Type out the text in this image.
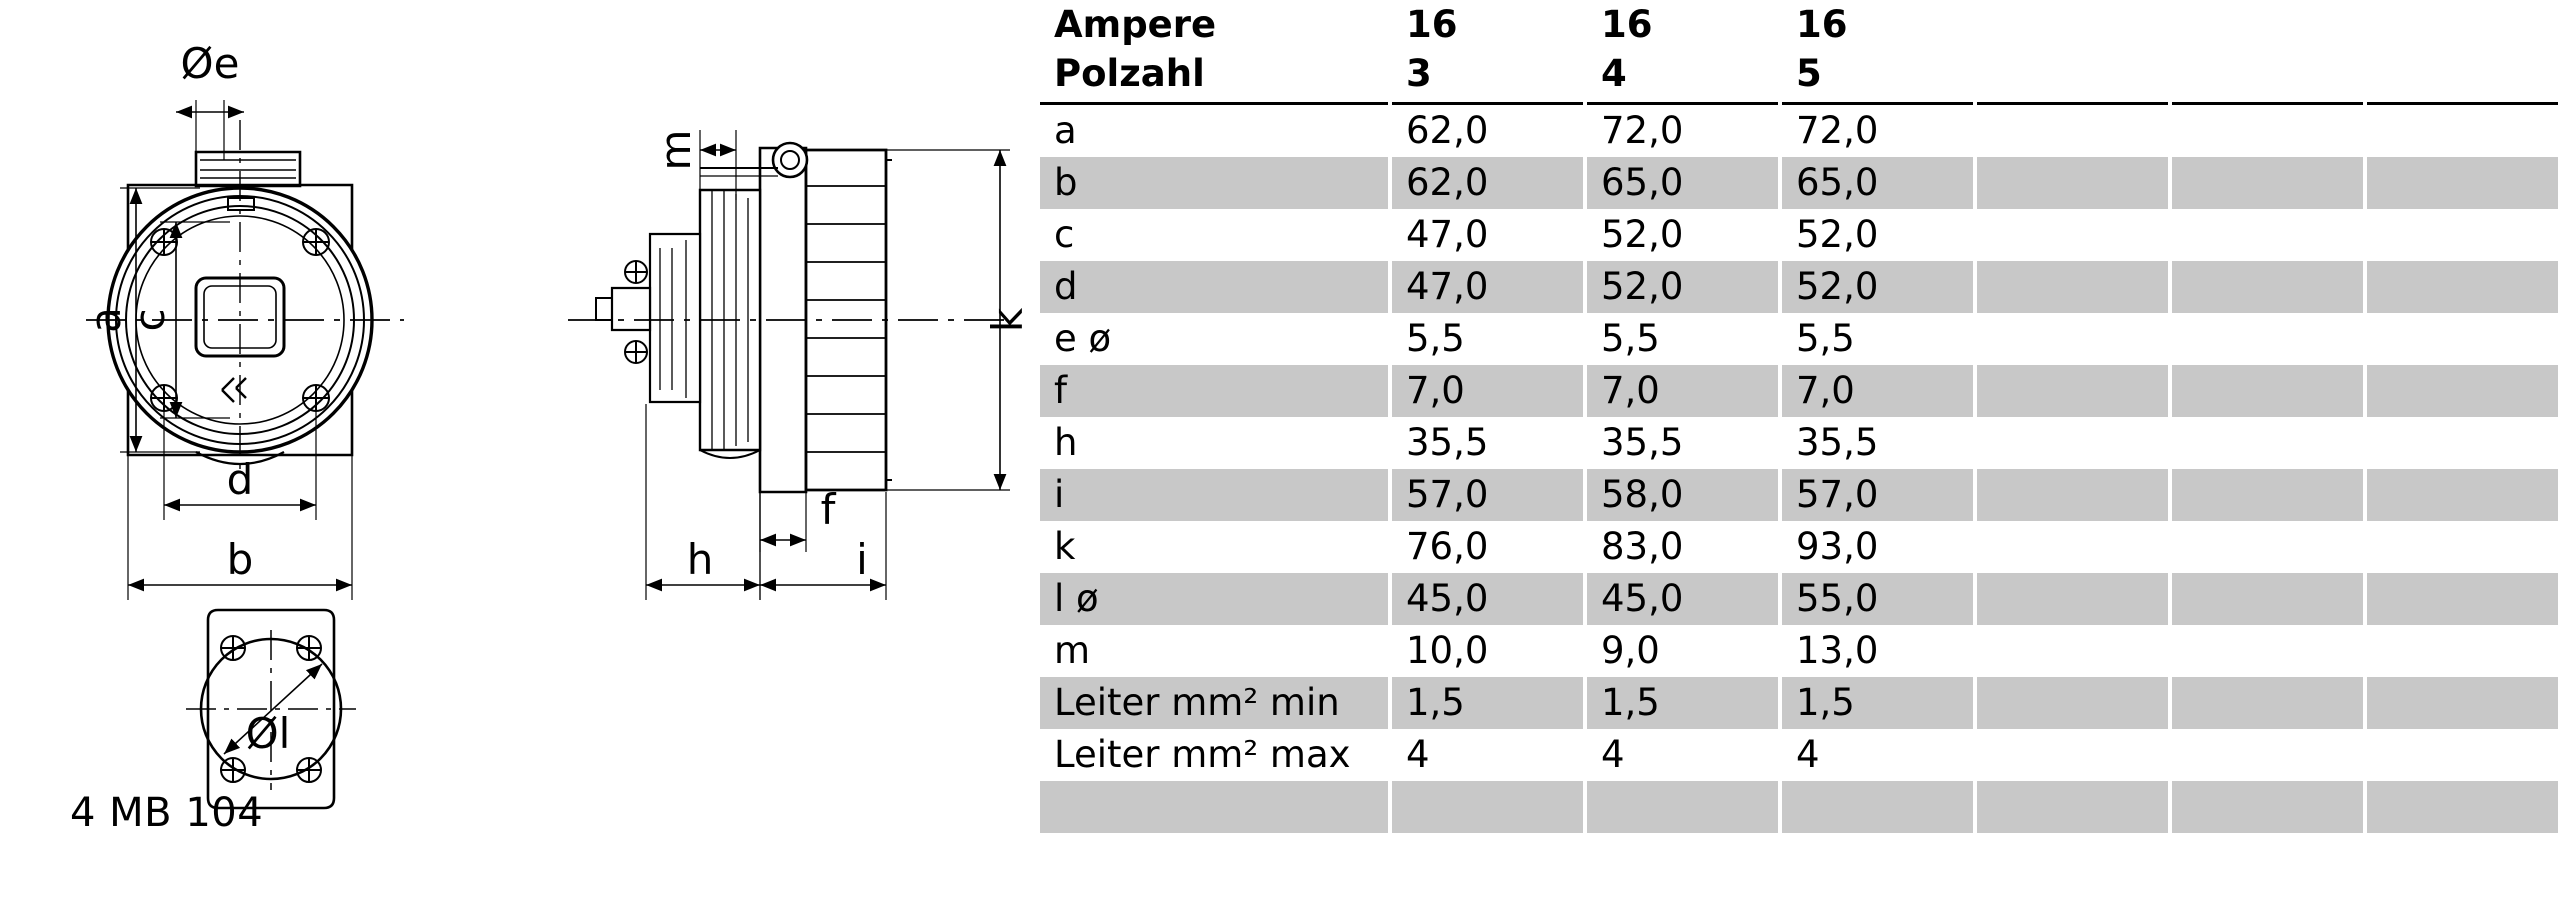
Øe
a
c
d
b
m
k
f
h	i
Øl
4 MB 104
Ampere	16	16	16			
Polzahl	3	4	5			
a	62,0	72,0	72,0			
b	62,0	65,0	65,0			
c	47,0	52,0	52,0			
d	47,0	52,0	52,0			
e ø	5,5	5,5	5,5			
f	7,0	7,0	7,0			
h	35,5	35,5	35,5			
i	57,0	58,0	57,0			
k	76,0	83,0	93,0			
l ø	45,0	45,0	55,0			
m	10,0	9,0	13,0			
Leiter mm² min	1,5	1,5	1,5			
Leiter mm² max	4	4	4			
